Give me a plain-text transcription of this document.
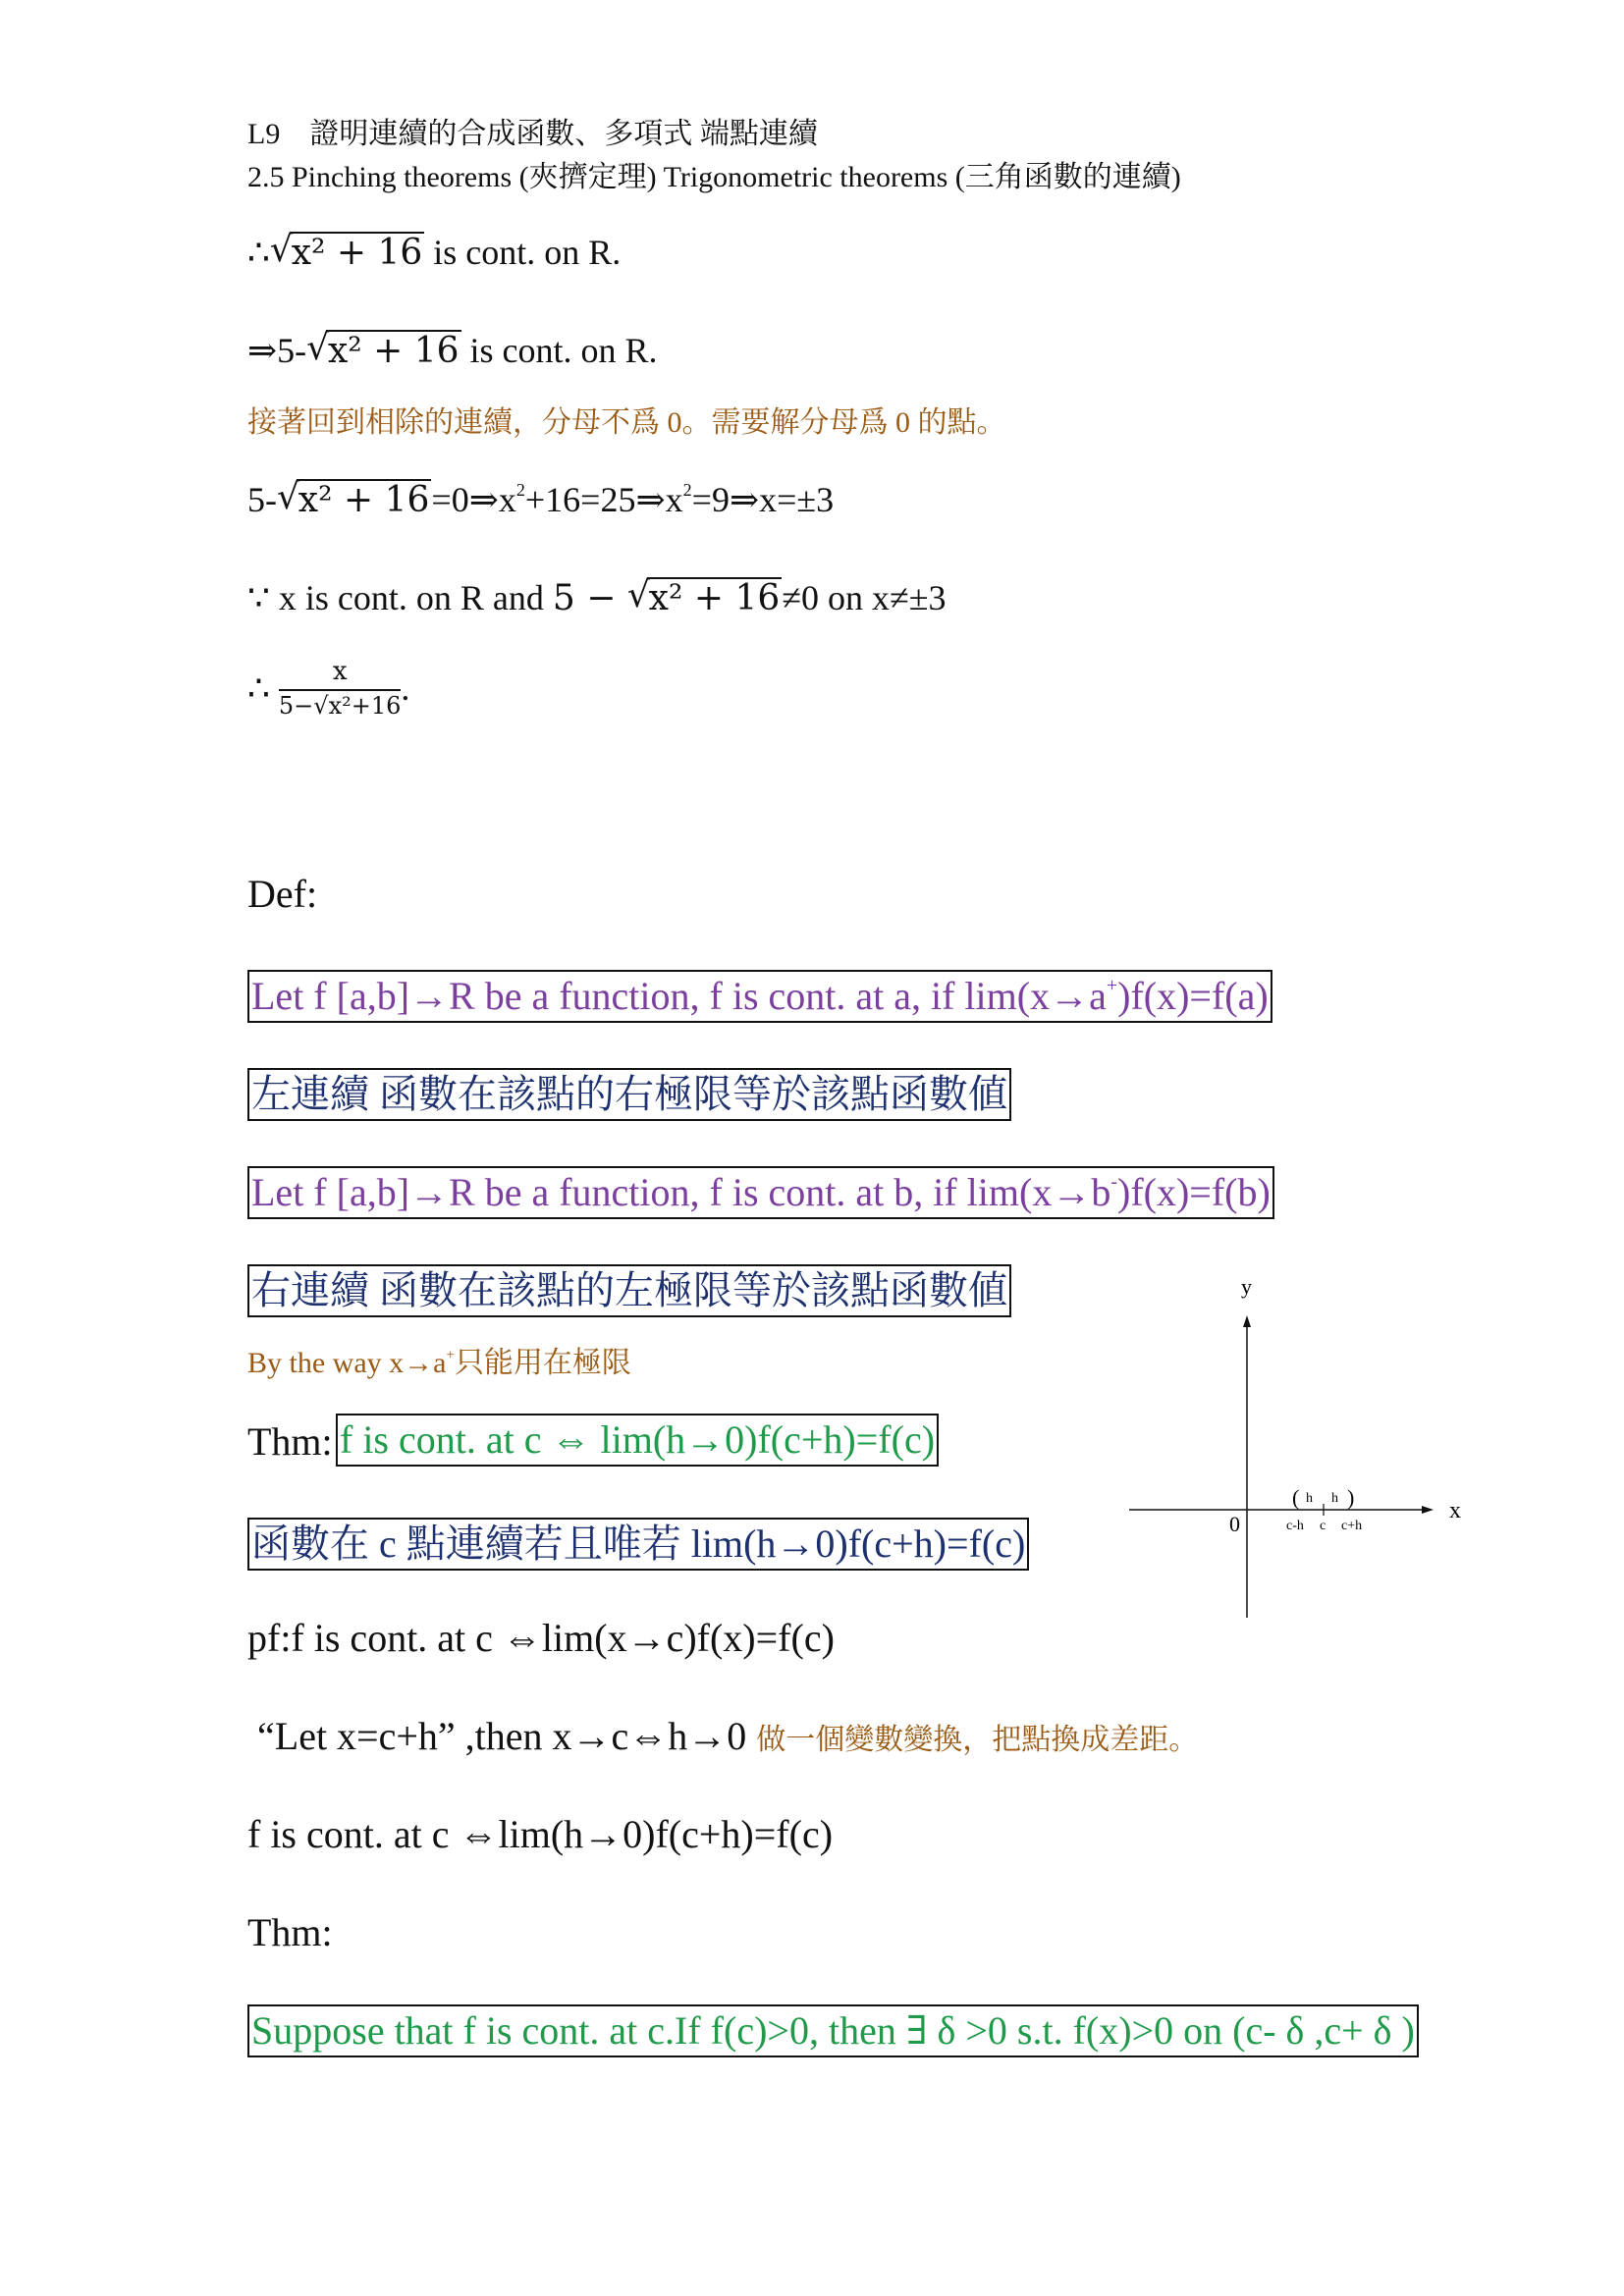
L9　證明連續的合成函數、多項式 端點連續
2.5 Pinching theorems (夾擠定理) Trigonometric theorems (三角函數的連續)
∴ √ x² + 16 is cont. on R.
⇒5- √ x² + 16 is cont. on R.
接著回到相除的連續，分母不爲 0。需要解分母爲 0 的點。
5- √ $x^2 + 16=0\Rightarrow x^2+16=25\Rightarrow x^2=9\Rightarrow x=\pm 3$
∵ x is cont. on R and 5 − √ x² + 16≠0 on x≠±3
∴ $\frac{x}{\text{5−√x²+16}}$ .
Def:
Let f [a,b]→R be a function, f is cont. at a, if lim(x→a+)f(x)=f(a)
左連續 函數在該點的右極限等於該點函數値
Let f [a,b]→R be a function, f is cont. at b, if lim(x→b-)f(x)=f(b)
右連續 函數在該點的左極限等於該點函數値
By the way x→a+只能用在極限
Thm: f is cont. at c ⇔ lim(h→0)f(c+h)=f(c)
函數在 c 點連續若且唯若 lim(h→0)f(c+h)=f(c)
pf:f is cont. at c ⇔lim(x→c)f(x)=f(c)
“Let x=c+h” ,then x→c⇔h→0 做一個變數變換，把點換成差距。
f is cont. at c ⇔lim(h→0)f(c+h)=f(c)
Thm:
Suppose that f is cont. at c.If f(c)>0, then ∃ δ >0 s.t. f(x)>0 on (c- δ ,c+ δ )
y
x
0
( )
h h
c-h c c+h
